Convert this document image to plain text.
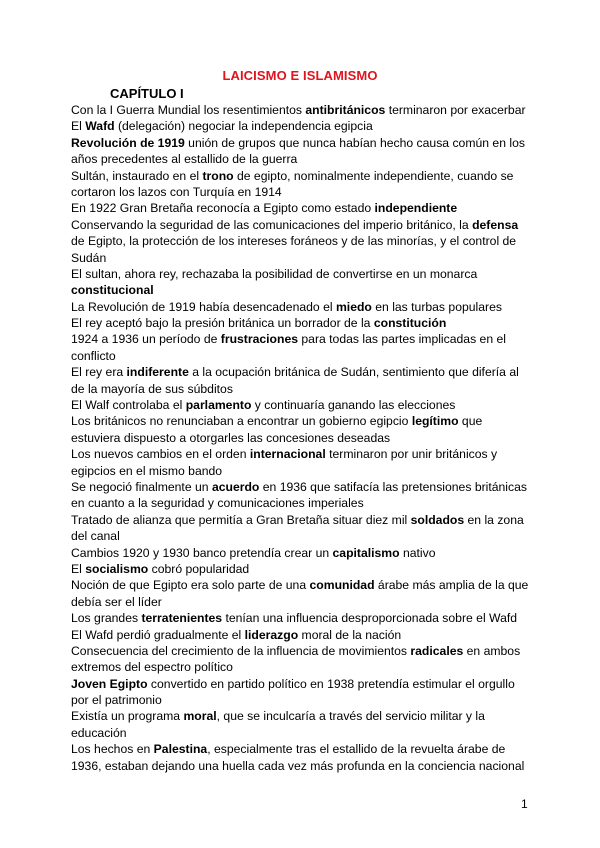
LAICISMO E ISLAMISMO
CAPÍTULO I
Con la I Guerra Mundial los resentimientos antibritánicos terminaron por exacerbar
El Wafd (delegación) negociar la independencia egipcia
Revolución de 1919 unión de grupos que nunca habían hecho causa común en los
años precedentes al estallido de la guerra
Sultán, instaurado en el trono de egipto, nominalmente independiente, cuando se
cortaron los lazos con Turquía en 1914
En 1922 Gran Bretaña reconocía a Egipto como estado independiente
Conservando la seguridad de las comunicaciones del imperio británico, la defensa
de Egipto, la protección de los intereses foráneos y de las minorías, y el control de
Sudán
El sultan, ahora rey, rechazaba la posibilidad de convertirse en un monarca
constitucional
La Revolución de 1919 había desencadenado el miedo en las turbas populares
El rey aceptó bajo la presión británica un borrador de la constitución
1924 a 1936 un período de frustraciones para todas las partes implicadas en el
conflicto
El rey era indiferente a la ocupación británica de Sudán, sentimiento que difería al
de la mayoría de sus súbditos
El Walf controlaba el parlamento y continuaría ganando las elecciones
Los británicos no renunciaban a encontrar un gobierno egipcio legítimo que
estuviera dispuesto a otorgarles las concesiones deseadas
Los nuevos cambios en el orden internacional terminaron por unir británicos y
egipcios en el mismo bando
Se negoció finalmente un acuerdo en 1936 que satifacía las pretensiones británicas
en cuanto a la seguridad y comunicaciones imperiales
Tratado de alianza que permitía a Gran Bretaña situar diez mil soldados en la zona
del canal
Cambios 1920 y 1930 banco pretendía crear un capitalismo nativo
El socialismo cobró popularidad
Noción de que Egipto era solo parte de una comunidad árabe más amplia de la que
debía ser el líder
Los grandes terratenientes tenían una influencia desproporcionada sobre el Wafd
El Wafd perdió gradualmente el liderazgo moral de la nación
Consecuencia del crecimiento de la influencia de movimientos radicales en ambos
extremos del espectro político
Joven Egipto convertido en partido político en 1938 pretendía estimular el orgullo
por el patrimonio
Existía un programa moral, que se inculcaría a través del servicio militar y la
educación
Los hechos en Palestina, especialmente tras el estallido de la revuelta árabe de
1936, estaban dejando una huella cada vez más profunda en la conciencia nacional
1
